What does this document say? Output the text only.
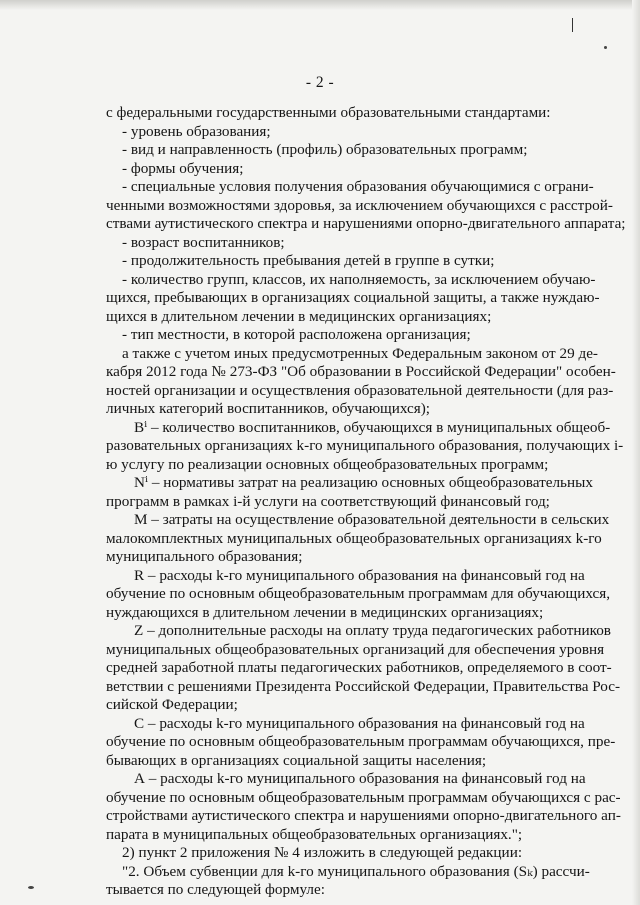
- 2 -
с федеральными государственными образовательными стандартами:
- уровень образования;
- вид и направленность (профиль) образовательных программ;
- формы обучения;
- специальные условия получения образования обучающимися с ограни-
ченными возможностями здоровья, за исключением обучающихся с расстрой-
ствами аутистического спектра и нарушениями опорно-двигательного аппарата;
- возраст воспитанников;
- продолжительность пребывания детей в группе в сутки;
- количество групп, классов, их наполняемость, за исключением обучаю-
щихся, пребывающих в организациях социальной защиты, а также нуждаю-
щихся в длительном лечении в медицинских организациях;
- тип местности, в которой расположена организация;
а также с учетом иных предусмотренных Федеральным законом от 29 де-
кабря 2012 года № 273-ФЗ "Об образовании в Российской Федерации" особен-
ностей организации и осуществления образовательной деятельности (для раз-
личных категорий воспитанников, обучающихся);
Bⁱ – количество воспитанников, обучающихся в муниципальных общеоб-
разовательных организациях k-го муниципального образования, получающих i-
ю услугу по реализации основных общеобразовательных программ;
Nⁱ – нормативы затрат на реализацию основных общеобразовательных
программ в рамках i-й услуги на соответствующий финансовый год;
М – затраты на осуществление образовательной деятельности в сельских
малокомплектных муниципальных общеобразовательных организациях k-го
муниципального образования;
R – расходы k-го муниципального образования на финансовый год на
обучение по основным общеобразовательным программам для обучающихся,
нуждающихся в длительном лечении в медицинских организациях;
Z – дополнительные расходы на оплату труда педагогических работников
муниципальных общеобразовательных организаций для обеспечения уровня
средней заработной платы педагогических работников, определяемого в соот-
ветствии с решениями Президента Российской Федерации, Правительства Рос-
сийской Федерации;
С – расходы k-го муниципального образования на финансовый год на
обучение по основным общеобразовательным программам обучающихся, пре-
бывающих в организациях социальной защиты населения;
А – расходы k-го муниципального образования на финансовый год на
обучение по основным общеобразовательным программам обучающихся с рас-
стройствами аутистического спектра и нарушениями опорно-двигательного ап-
парата в муниципальных общеобразовательных организациях.";
2) пункт 2 приложения № 4 изложить в следующей редакции:
"2. Объем субвенции для k-го муниципального образования (Sₖ) рассчи-
тывается по следующей формуле:
